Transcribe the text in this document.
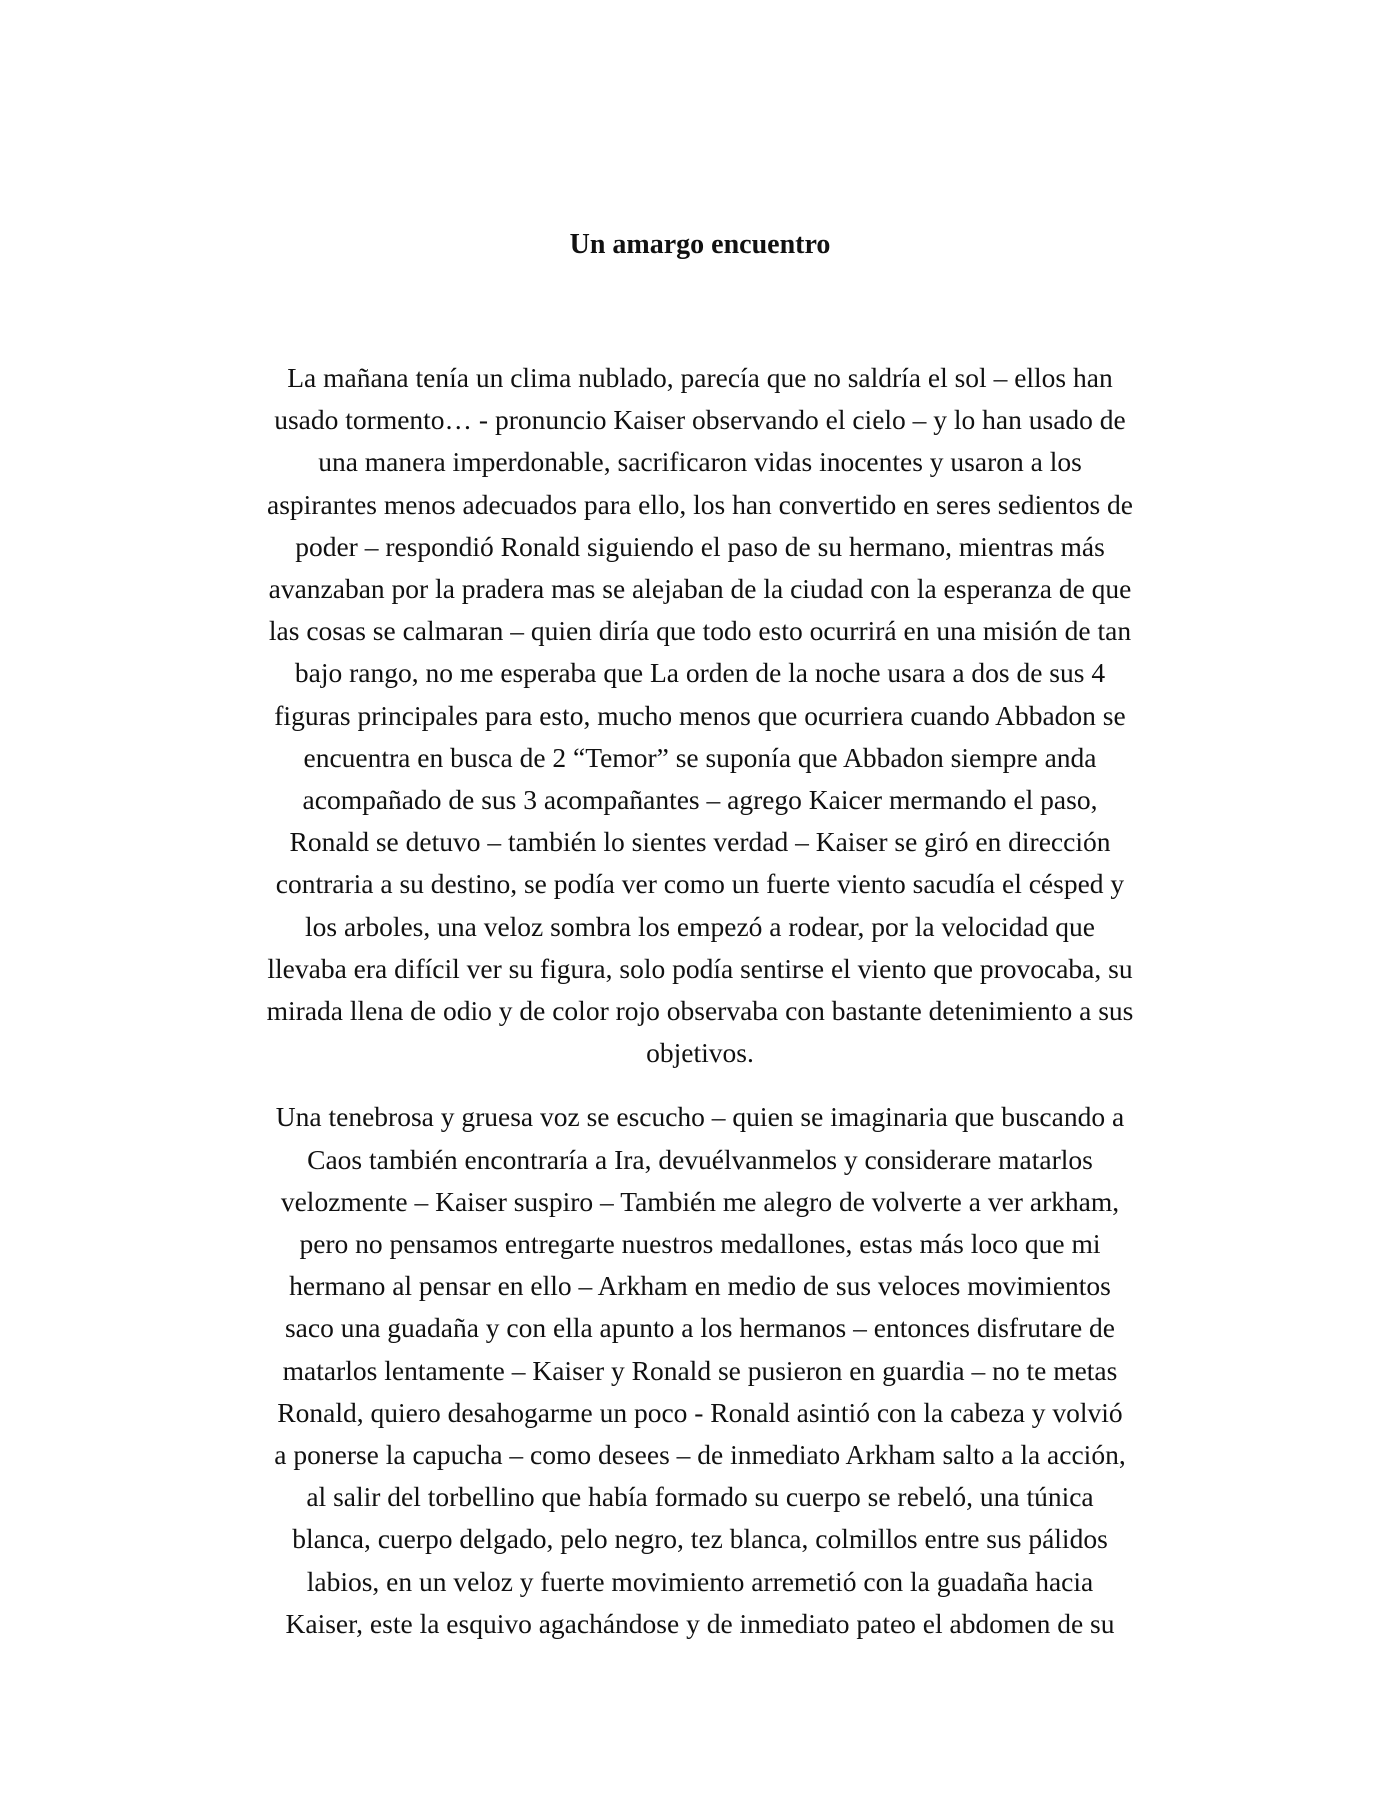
Un amargo encuentro
La mañana tenía un clima nublado, parecía que no saldría el sol – ellos han
usado tormento… - pronuncio Kaiser observando el cielo – y lo han usado de
una manera imperdonable, sacrificaron vidas inocentes y usaron a los
aspirantes menos adecuados para ello, los han convertido en seres sedientos de
poder – respondió Ronald siguiendo el paso de su hermano, mientras más
avanzaban por la pradera mas se alejaban de la ciudad con la esperanza de que
las cosas se calmaran – quien diría que todo esto ocurrirá en una misión de tan
bajo rango, no me esperaba que La orden de la noche usara a dos de sus 4
figuras principales para esto, mucho menos que ocurriera cuando Abbadon se
encuentra en busca de 2 “Temor” se suponía que Abbadon siempre anda
acompañado de sus 3 acompañantes – agrego Kaicer mermando el paso,
Ronald se detuvo – también lo sientes verdad – Kaiser se giró en dirección
contraria a su destino, se podía ver como un fuerte viento sacudía el césped y
los arboles, una veloz sombra los empezó a rodear, por la velocidad que
llevaba era difícil ver su figura, solo podía sentirse el viento que provocaba, su
mirada llena de odio y de color rojo observaba con bastante detenimiento a sus
objetivos.
Una tenebrosa y gruesa voz se escucho – quien se imaginaria que buscando a
Caos también encontraría a Ira, devuélvanmelos y considerare matarlos
velozmente – Kaiser suspiro – También me alegro de volverte a ver arkham,
pero no pensamos entregarte nuestros medallones, estas más loco que mi
hermano al pensar en ello – Arkham en medio de sus veloces movimientos
saco una guadaña y con ella apunto a los hermanos – entonces disfrutare de
matarlos lentamente – Kaiser y Ronald se pusieron en guardia – no te metas
Ronald, quiero desahogarme un poco - Ronald asintió con la cabeza y volvió
a ponerse la capucha – como desees – de inmediato Arkham salto a la acción,
al salir del torbellino que había formado su cuerpo se rebeló, una túnica
blanca, cuerpo delgado, pelo negro, tez blanca, colmillos entre sus pálidos
labios, en un veloz y fuerte movimiento arremetió con la guadaña hacia
Kaiser, este la esquivo agachándose y de inmediato pateo el abdomen de su
